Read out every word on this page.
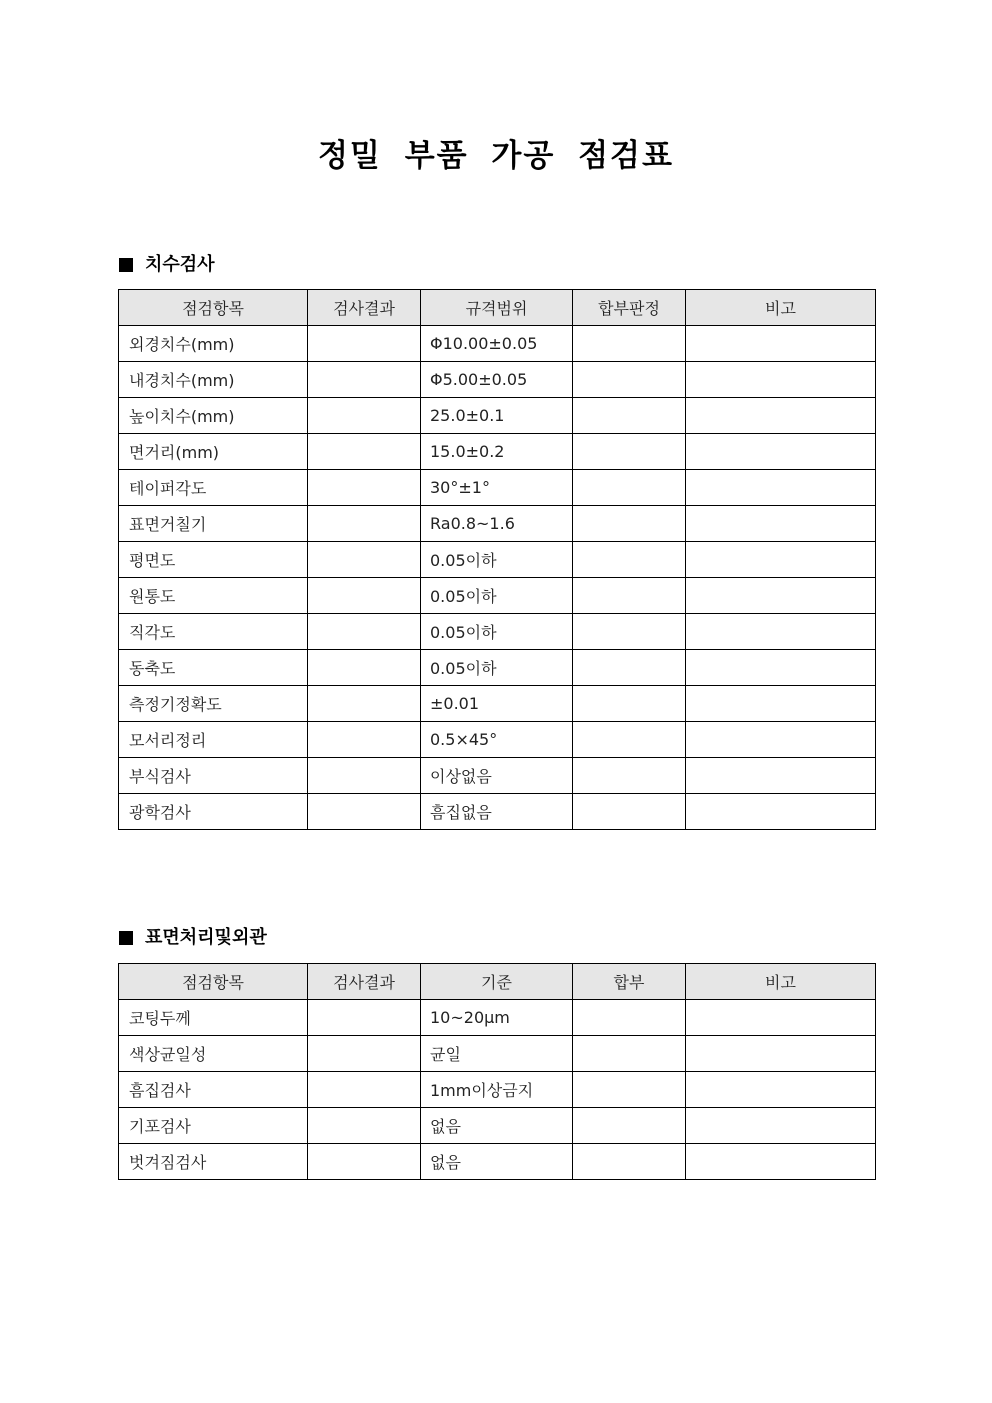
정밀 부품 가공 점검표
치수검사
점검항목	검사결과	규격범위	합부판정	비고
외경치수(mm)		Φ10.00±0.05		
내경치수(mm)		Φ5.00±0.05		
높이치수(mm)		25.0±0.1		
면거리(mm)		15.0±0.2		
테이퍼각도		30°±1°		
표면거칠기		Ra0.8~1.6		
평면도		0.05이하		
원통도		0.05이하		
직각도		0.05이하		
동축도		0.05이하		
측정기정확도		±0.01		
모서리정리		0.5×45°		
부식검사		이상없음		
광학검사		흠집없음		
표면처리및외관
점검항목	검사결과	기준	합부	비고
코팅두께		10~20μm		
색상균일성		균일		
흠집검사		1mm이상금지		
기포검사		없음		
벗겨짐검사		없음		
